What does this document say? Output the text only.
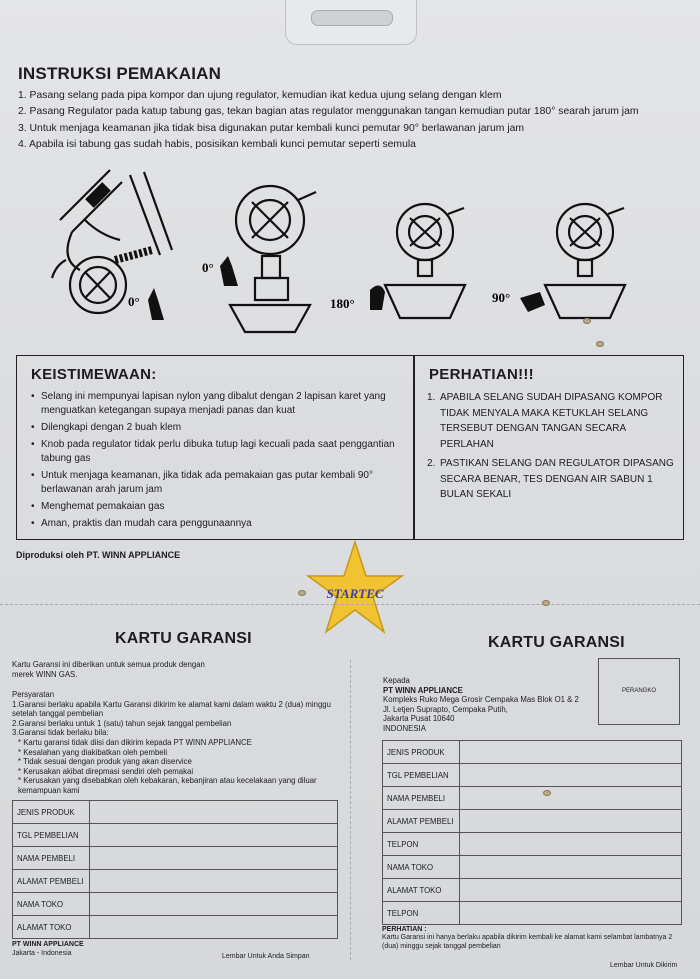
INSTRUKSI PEMAKAIAN
1. Pasang selang pada pipa kompor dan ujung regulator, kemudian ikat kedua ujung selang dengan klem
2. Pasang Regulator pada katup tabung gas, tekan bagian atas regulator menggunakan tangan kemudian putar 180° searah jarum jam
3. Untuk menjaga keamanan jika tidak bisa digunakan putar kembali kunci pemutar 90° berlawanan jarum jam
4. Apabila isi tabung gas sudah habis, posisikan kembali kunci pemutar seperti semula
0°
0°
180°	90°
KEISTIMEWAAN:
• Selang ini mempunyai lapisan nylon yang dibalut dengan 2 lapisan karet yang menguatkan ketegangan supaya menjadi panas dan kuat
• Dilengkapi dengan 2 buah klem
• Knob pada regulator tidak perlu dibuka tutup lagi kecuali pada saat penggantian tabung gas
• Untuk menjaga keamanan, jika tidak ada pemakaian gas putar kembali 90° berlawanan arah jarum jam
• Menghemat pemakaian gas
• Aman, praktis dan mudah cara penggunaannya
PERHATIAN!!!
1. APABILA SELANG SUDAH DIPASANG KOMPOR TIDAK MENYALA MAKA KETUKLAH SELANG TERSEBUT DENGAN TANGAN SECARA PERLAHAN
2. PASTIKAN SELANG DAN REGULATOR DIPASANG SECARA BENAR, TES DENGAN AIR SABUN 1 BULAN SEKALI

Diproduksi oleh PT. WINN APPLIANCE

STARTEC
KARTU GARANSI

Kartu Garansi ini diberikan untuk semua produk dengan merek WINN GAS.

Persyaratan
1.Garansi berlaku apabila Kartu Garansi dikirim ke alamat kami dalam waktu 2 (dua) minggu setelah tanggal pembelian
2.Garansi berlaku untuk 1 (satu) tahun sejak tanggal pembelian
3.Garansi tidak berlaku bila:
* Kartu garansi tidak diisi dan dikirim kepada PT WINN APPLIANCE
* Kesalahan yang diakibatkan oleh pembeli
* Tidak sesuai dengan produk yang akan diservice
* Kerusakan akibat direpmasi sendiri oleh pemakai
* Kerusakan yang disebabkan oleh kebakaran, kebanjiran atau kecelakaan yang diluar kemampuan kami
JENIS PRODUK	
TGL PEMBELIAN	
NAMA PEMBELI	
ALAMAT PEMBELI	
NAMA TOKO	
ALAMAT TOKO	

PT WINN APPLIANCE

Jakarta - Indonesia	Lembar Untuk Anda Simpan

KARTU GARANSI
Kepada
PT WINN APPLIANCE
Kompleks Ruko Mega Grosir Cempaka Mas Blok O1 & 2
Jl. Letjen Suprapto, Cempaka Putih,
Jakarta Pusat 10640
INDONESIA
PERANGKO
JENIS PRODUK	
TGL PEMBELIAN	
NAMA PEMBELI	
ALAMAT PEMBELI	
TELPON	
NAMA TOKO	
ALAMAT TOKO	
TELPON	

PERHATIAN :

Kartu Garansi ini hanya berlaku apabila dikirim kembali ke alamat kami selambat lambatnya 2 (dua) minggu sejak tanggal pembelian

Lembar Untuk Dikirim
